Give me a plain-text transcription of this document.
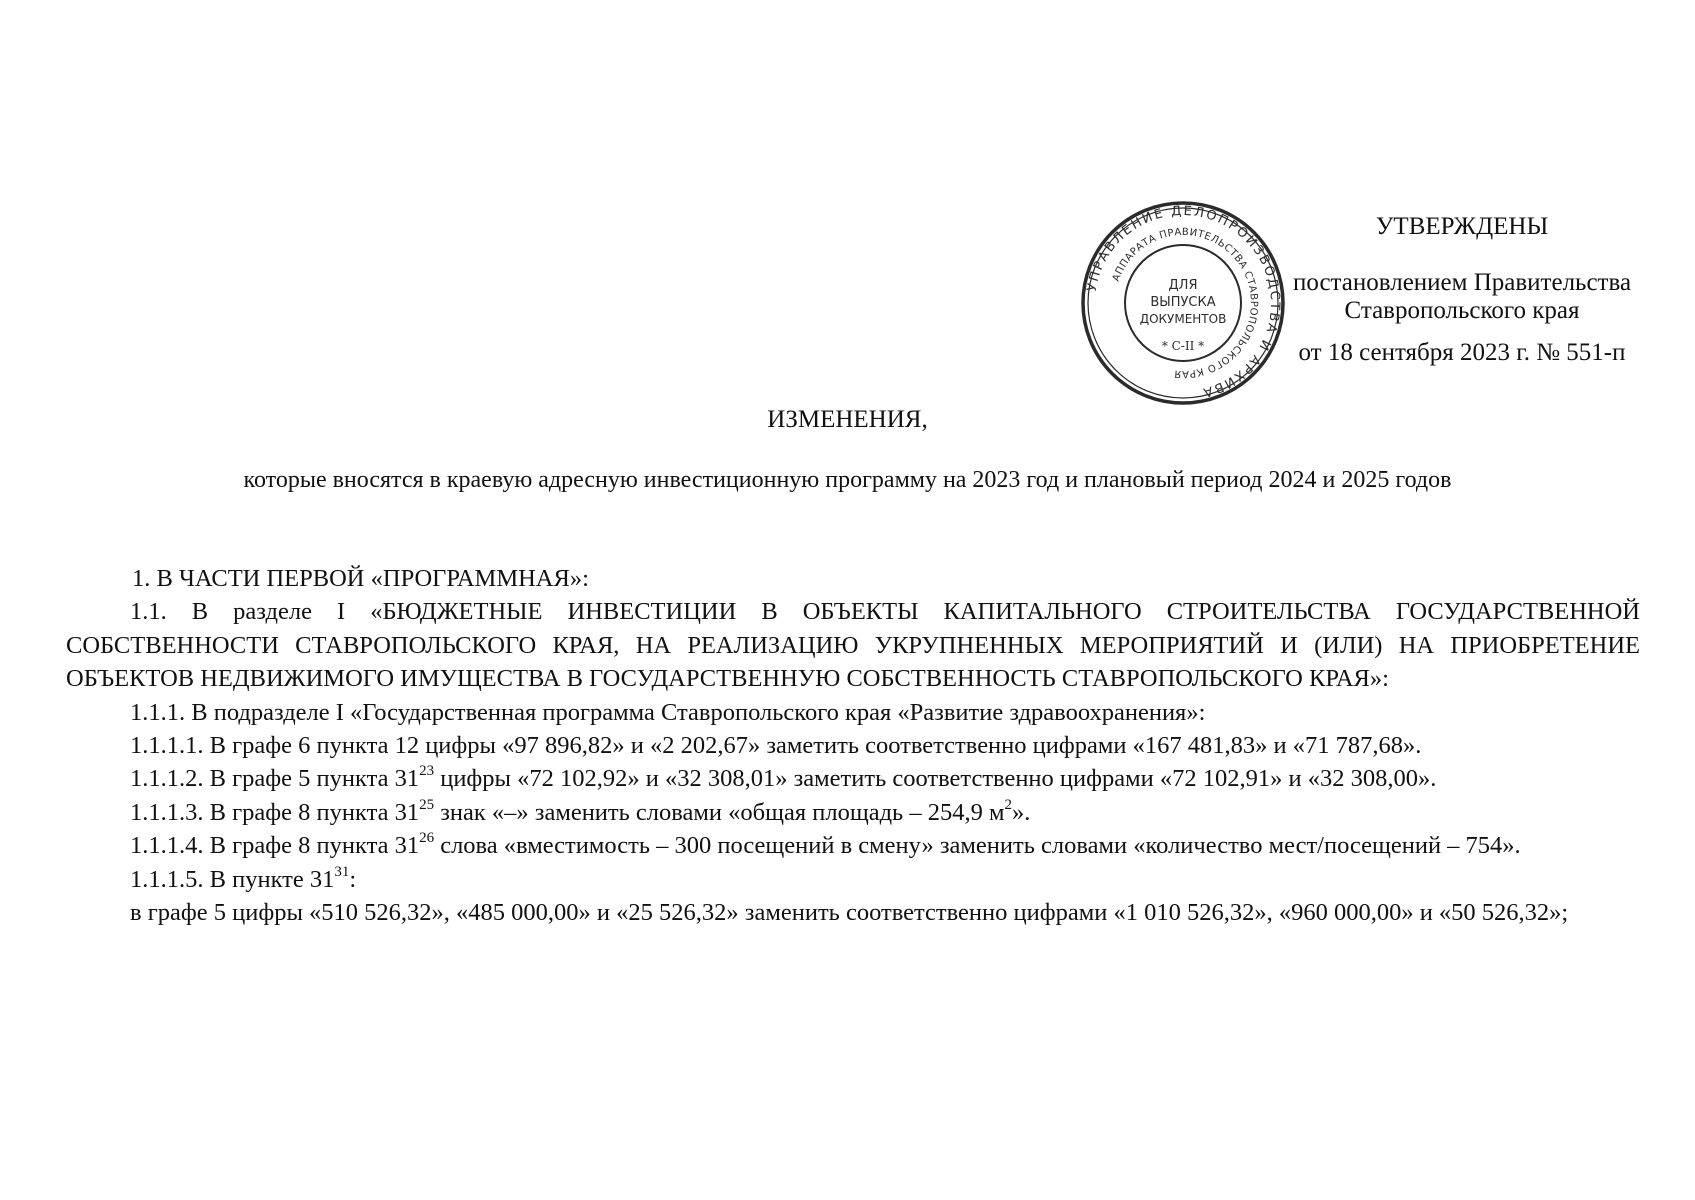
УПРАВЛЕНИЕ ДЕЛОПРОИЗВОДСТВА И АРХИВА
АППАРАТА ПРАВИТЕЛЬСТВА СТАВРОПОЛЬСКОГО КРАЯ
ДЛЯ
ВЫПУСКА
ДОКУМЕНТОВ
* С-II *
УТВЕРЖДЕНЫ
постановлением Правительства
Ставропольского края
от 18 сентября 2023 г. № 551-п
ИЗМЕНЕНИЯ,
которые вносятся в краевую адресную инвестиционную программу на 2023 год и плановый период 2024 и 2025 годов

1. В ЧАСТИ ПЕРВОЙ «ПРОГРАММНАЯ»:

1.1. В разделе I «БЮДЖЕТНЫЕ ИНВЕСТИЦИИ В ОБЪЕКТЫ КАПИТАЛЬНОГО СТРОИТЕЛЬСТВА ГОСУДАРСТВЕННОЙ СОБСТВЕННОСТИ СТАВРОПОЛЬСКОГО КРАЯ, НА РЕАЛИЗАЦИЮ УКРУПНЕННЫХ МЕРОПРИЯТИЙ И (ИЛИ) НА ПРИОБРЕТЕНИЕ ОБЪЕКТОВ НЕДВИЖИМОГО ИМУЩЕСТВА В ГОСУДАРСТВЕННУЮ СОБСТВЕННОСТЬ СТАВРОПОЛЬСКОГО КРАЯ»:

1.1.1. В подразделе I «Государственная программа Ставропольского края «Развитие здравоохранения»:

1.1.1.1. В графе 6 пункта 12 цифры «97 896,82» и «2 202,67» заметить соответственно цифрами «167 481,83» и «71 787,68».

1.1.1.2. В графе 5 пункта $31^{23}$ цифры «72 102,92» и «32 308,01» заметить соответственно цифрами «72 102,91» и «32 308,00».

1.1.1.3. В графе 8 пункта $31^{25}$ знак «–» заменить словами «общая площадь – 254,9 $м^2$».

1.1.1.4. В графе 8 пункта $31^{26}$ слова «вместимость – 300 посещений в смену» заменить словами «количество мест/посещений – 754».

1.1.1.5. В пункте $31^{31}$:

в графе 5 цифры «510 526,32», «485 000,00» и «25 526,32» заменить соответственно цифрами «1 010 526,32», «960 000,00» и «50 526,32»;
